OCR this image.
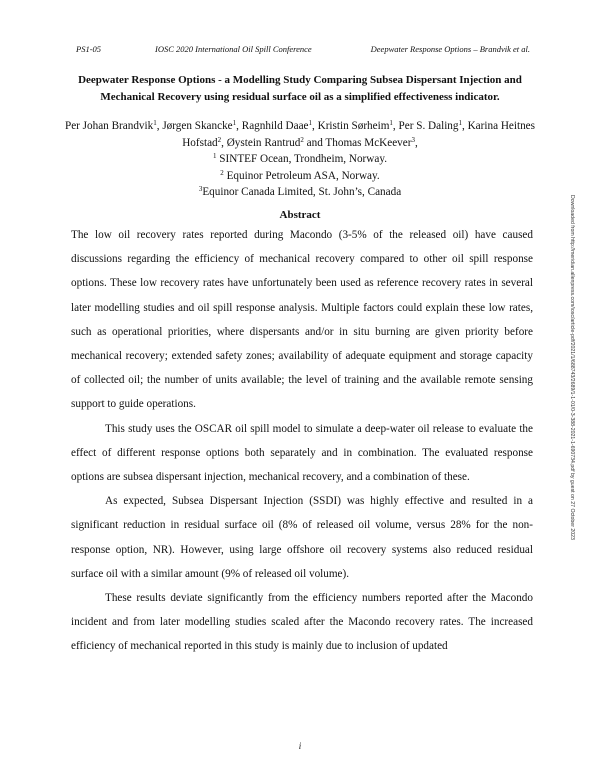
PS1-05	IOSC 2020 International Oil Spill Conference	Deepwater Response Options – Brandvik et al.
Deepwater Response Options - a Modelling Study Comparing Subsea Dispersant Injection and Mechanical Recovery using residual surface oil as a simplified effectiveness indicator.
Per Johan Brandvik$^1$, Jørgen Skancke$^1$, Ragnhild Daae$^1$, Kristin Sørheim$^1$, Per S. Daling$^1$, Karina Heitnes Hofstad$^2$, Øystein Rantrud$^2$ and Thomas McKeever$^3$,
$^1$ SINTEF Ocean, Trondheim, Norway.
$^2$ Equinor Petroleum ASA, Norway.
$^3$Equinor Canada Limited, St. John’s, Canada
Abstract

The low oil recovery rates reported during Macondo (3-5% of the released oil) have caused discussions regarding the efficiency of mechanical recovery compared to other oil spill response options. These low recovery rates have unfortunately been used as reference recovery rates in several later modelling studies and oil spill response analysis. Multiple factors could explain these low rates, such as operational priorities, where dispersants and/or in situ burning are given priority before mechanical recovery; extended safety zones; availability of adequate equipment and storage capacity of collected oil; the number of units available; the level of training and the available remote sensing support to guide operations.

This study uses the OSCAR oil spill model to simulate a deep-water oil release to evaluate the effect of different response options both separately and in combination. The evaluated response options are subsea dispersant injection, mechanical recovery, and a combination of these.

As expected, Subsea Dispersant Injection (SSDI) was highly effective and resulted in a significant reduction in residual surface oil (8% of released oil volume, versus 28% for the non-response option, NR). However, using large offshore oil recovery systems also reduced residual surface oil with a similar amount (9% of released oil volume).

These results deviate significantly from the efficiency numbers reported after the Macondo incident and from later modelling studies scaled after the Macondo recovery rates. The increased efficiency of mechanical reported in this study is mainly due to inclusion of updated

Downloaded from http://meridian.allenpress.com/iosc/article-pdf/2021/1/688743/2689/1-1-01/0-3-388-2021-1-690734.pdf by guest on 27 October 2023
i
